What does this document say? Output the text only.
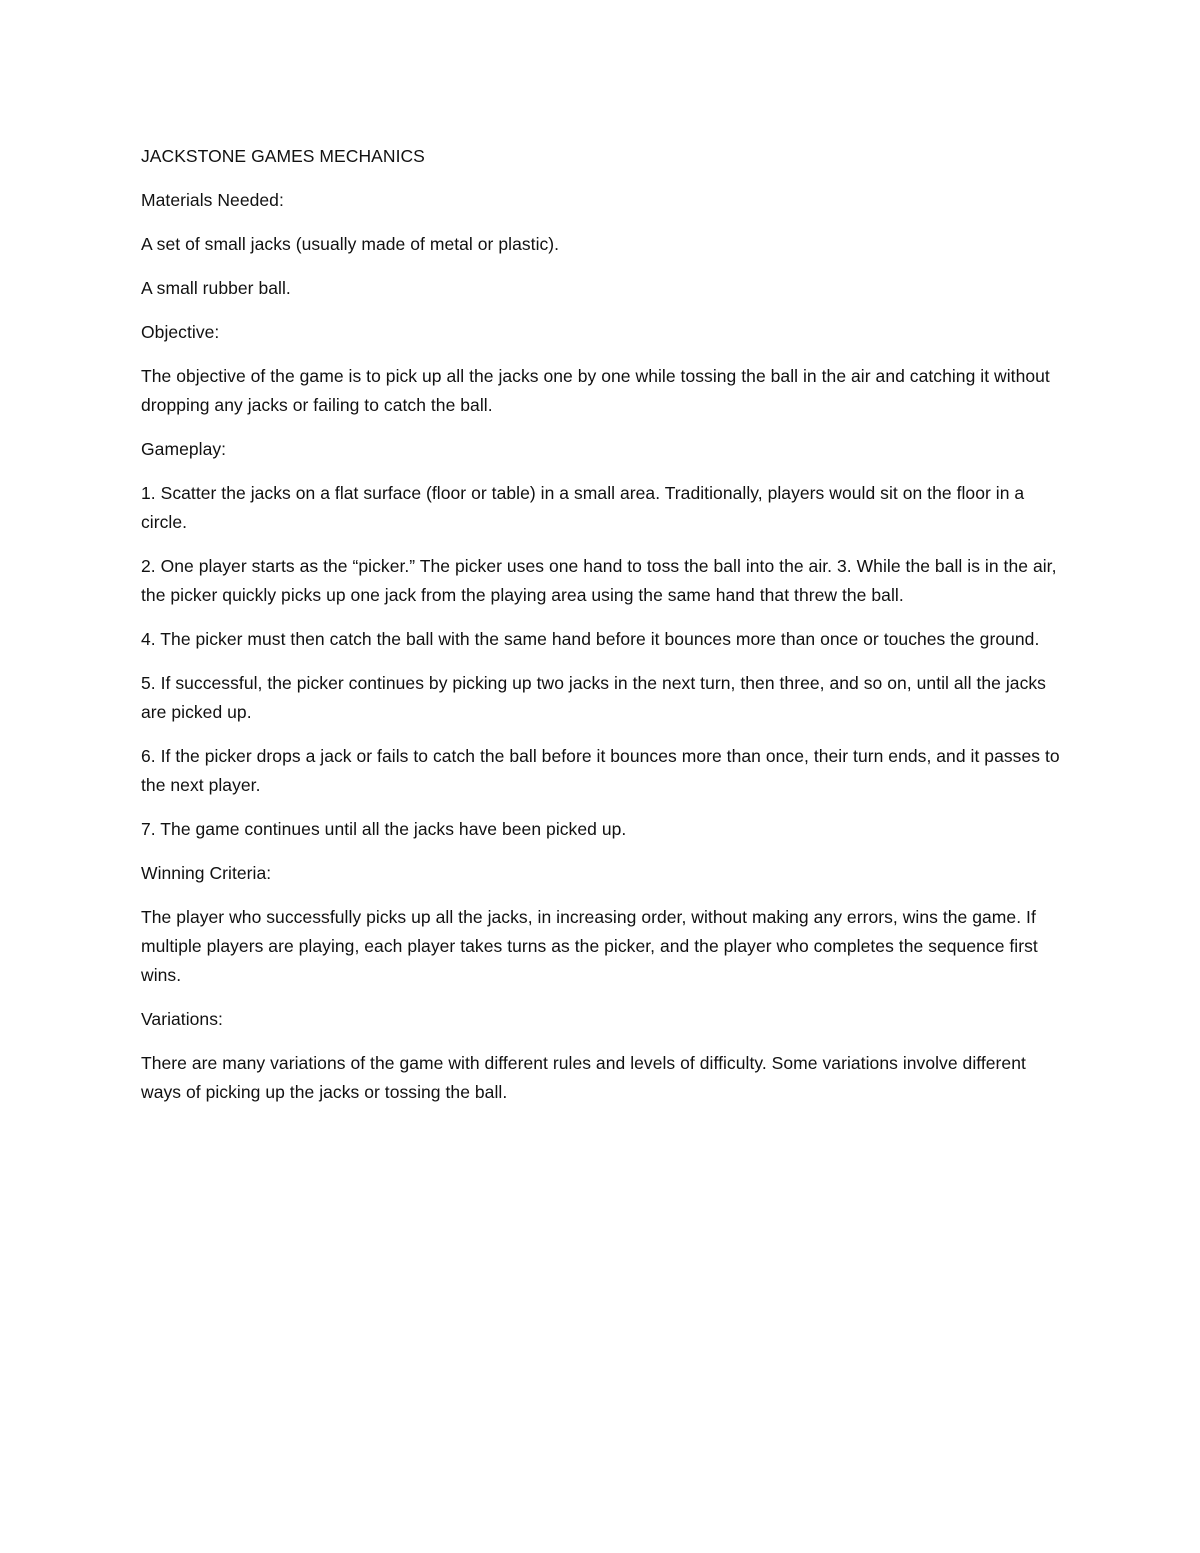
JACKSTONE GAMES MECHANICS

Materials Needed:

A set of small jacks (usually made of metal or plastic).

A small rubber ball.

Objective:

The objective of the game is to pick up all the jacks one by one while tossing the ball in the air and catching it without dropping any jacks or failing to catch the ball.

Gameplay:

1. Scatter the jacks on a flat surface (floor or table) in a small area. Traditionally, players would sit on the floor in a circle.

2. One player starts as the “picker.” The picker uses one hand to toss the ball into the air. 3. While the ball is in the air, the picker quickly picks up one jack from the playing area using the same hand that threw the ball.

4. The picker must then catch the ball with the same hand before it bounces more than once or touches the ground.

5. If successful, the picker continues by picking up two jacks in the next turn, then three, and so on, until all the jacks are picked up.

6. If the picker drops a jack or fails to catch the ball before it bounces more than once, their turn ends, and it passes to the next player.

7. The game continues until all the jacks have been picked up.

Winning Criteria:

The player who successfully picks up all the jacks, in increasing order, without making any errors, wins the game. If multiple players are playing, each player takes turns as the picker, and the player who completes the sequence first wins.

Variations:

There are many variations of the game with different rules and levels of difficulty. Some variations involve different ways of picking up the jacks or tossing the ball.
